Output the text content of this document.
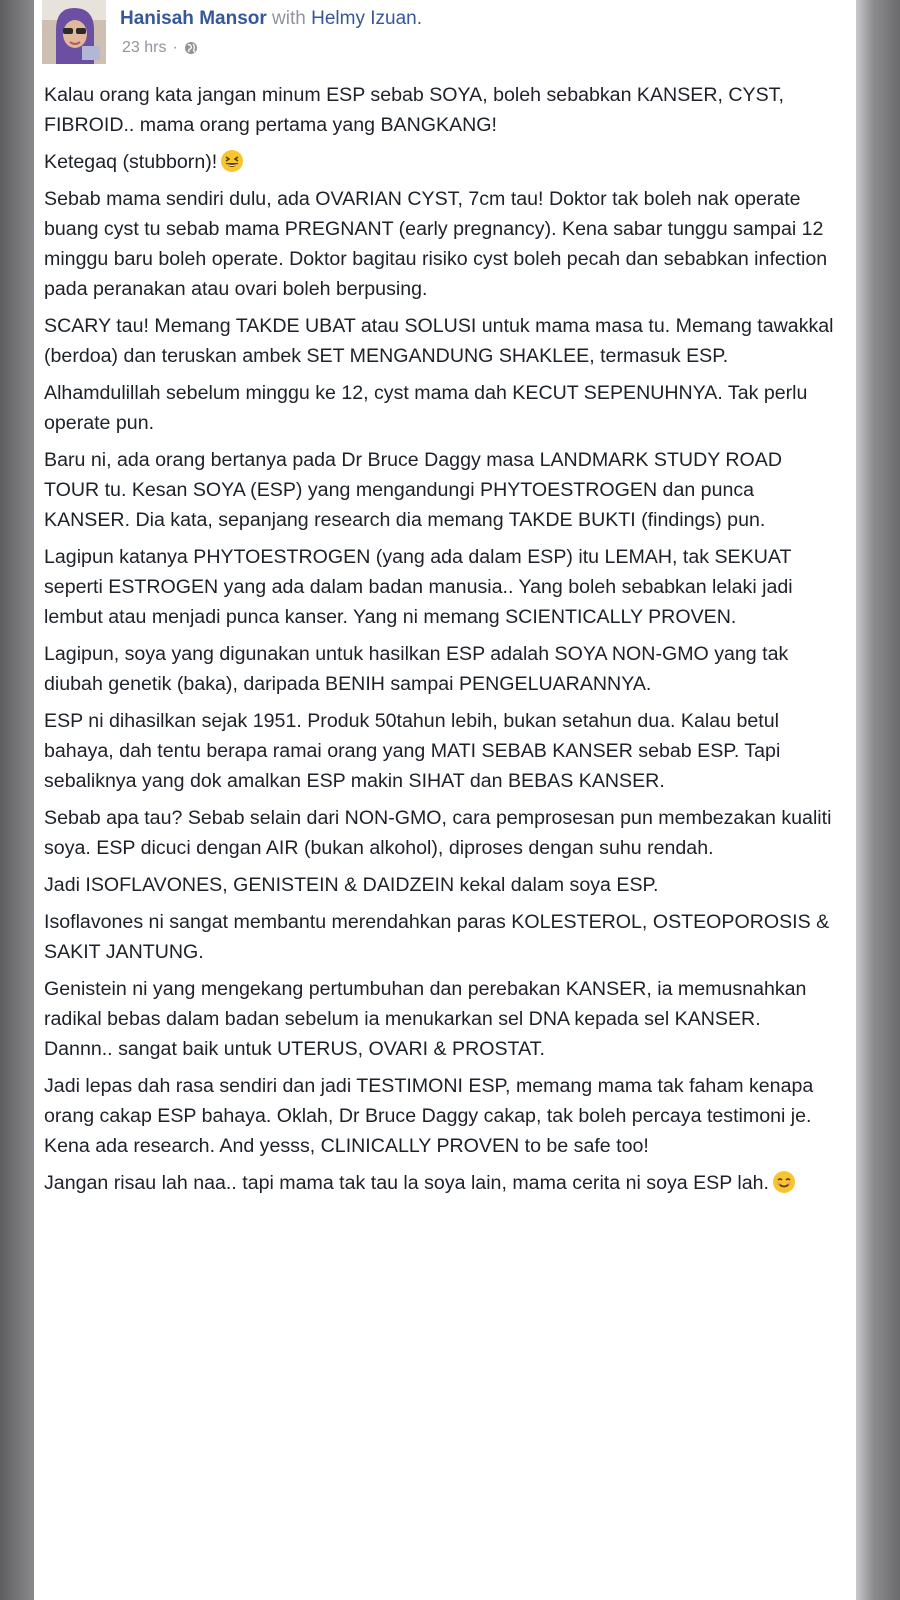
Hanisah Mansor with Helmy Izuan.
23 hrs ·

Kalau orang kata jangan minum ESP sebab SOYA, boleh sebabkan KANSER, CYST, FIBROID.. mama orang pertama yang BANGKANG!

Ketegaq (stubborn)!

Sebab mama sendiri dulu, ada OVARIAN CYST, 7cm tau! Doktor tak boleh nak operate buang cyst tu sebab mama PREGNANT (early pregnancy). Kena sabar tunggu sampai 12 minggu baru boleh operate. Doktor bagitau risiko cyst boleh pecah dan sebabkan infection pada peranakan atau ovari boleh berpusing.

SCARY tau! Memang TAKDE UBAT atau SOLUSI untuk mama masa tu. Memang tawakkal (berdoa) dan teruskan ambek SET MENGANDUNG SHAKLEE, termasuk ESP.

Alhamdulillah sebelum minggu ke 12, cyst mama dah KECUT SEPENUHNYA. Tak perlu operate pun.

Baru ni, ada orang bertanya pada Dr Bruce Daggy masa LANDMARK STUDY ROAD TOUR tu. Kesan SOYA (ESP) yang mengandungi PHYTOESTROGEN dan punca KANSER. Dia kata, sepanjang research dia memang TAKDE BUKTI (findings) pun.

Lagipun katanya PHYTOESTROGEN (yang ada dalam ESP) itu LEMAH, tak SEKUAT seperti ESTROGEN yang ada dalam badan manusia.. Yang boleh sebabkan lelaki jadi lembut atau menjadi punca kanser. Yang ni memang SCIENTICALLY PROVEN.

Lagipun, soya yang digunakan untuk hasilkan ESP adalah SOYA NON-GMO yang tak diubah genetik (baka), daripada BENIH sampai PENGELUARANNYA.

ESP ni dihasilkan sejak 1951. Produk 50tahun lebih, bukan setahun dua. Kalau betul bahaya, dah tentu berapa ramai orang yang MATI SEBAB KANSER sebab ESP. Tapi sebaliknya yang dok amalkan ESP makin SIHAT dan BEBAS KANSER.

Sebab apa tau? Sebab selain dari NON-GMO, cara pemprosesan pun membezakan kualiti soya. ESP dicuci dengan AIR (bukan alkohol), diproses dengan suhu rendah.

Jadi ISOFLAVONES, GENISTEIN & DAIDZEIN kekal dalam soya ESP.

Isoflavones ni sangat membantu merendahkan paras KOLESTEROL, OSTEOPOROSIS & SAKIT JANTUNG.

Genistein ni yang mengekang pertumbuhan dan perebakan KANSER, ia memusnahkan radikal bebas dalam badan sebelum ia menukarkan sel DNA kepada sel KANSER. Dannn.. sangat baik untuk UTERUS, OVARI & PROSTAT.

Jadi lepas dah rasa sendiri dan jadi TESTIMONI ESP, memang mama tak faham kenapa orang cakap ESP bahaya. Oklah, Dr Bruce Daggy cakap, tak boleh percaya testimoni je. Kena ada research. And yesss, CLINICALLY PROVEN to be safe too!

Jangan risau lah naa.. tapi mama tak tau la soya lain, mama cerita ni soya ESP lah.
